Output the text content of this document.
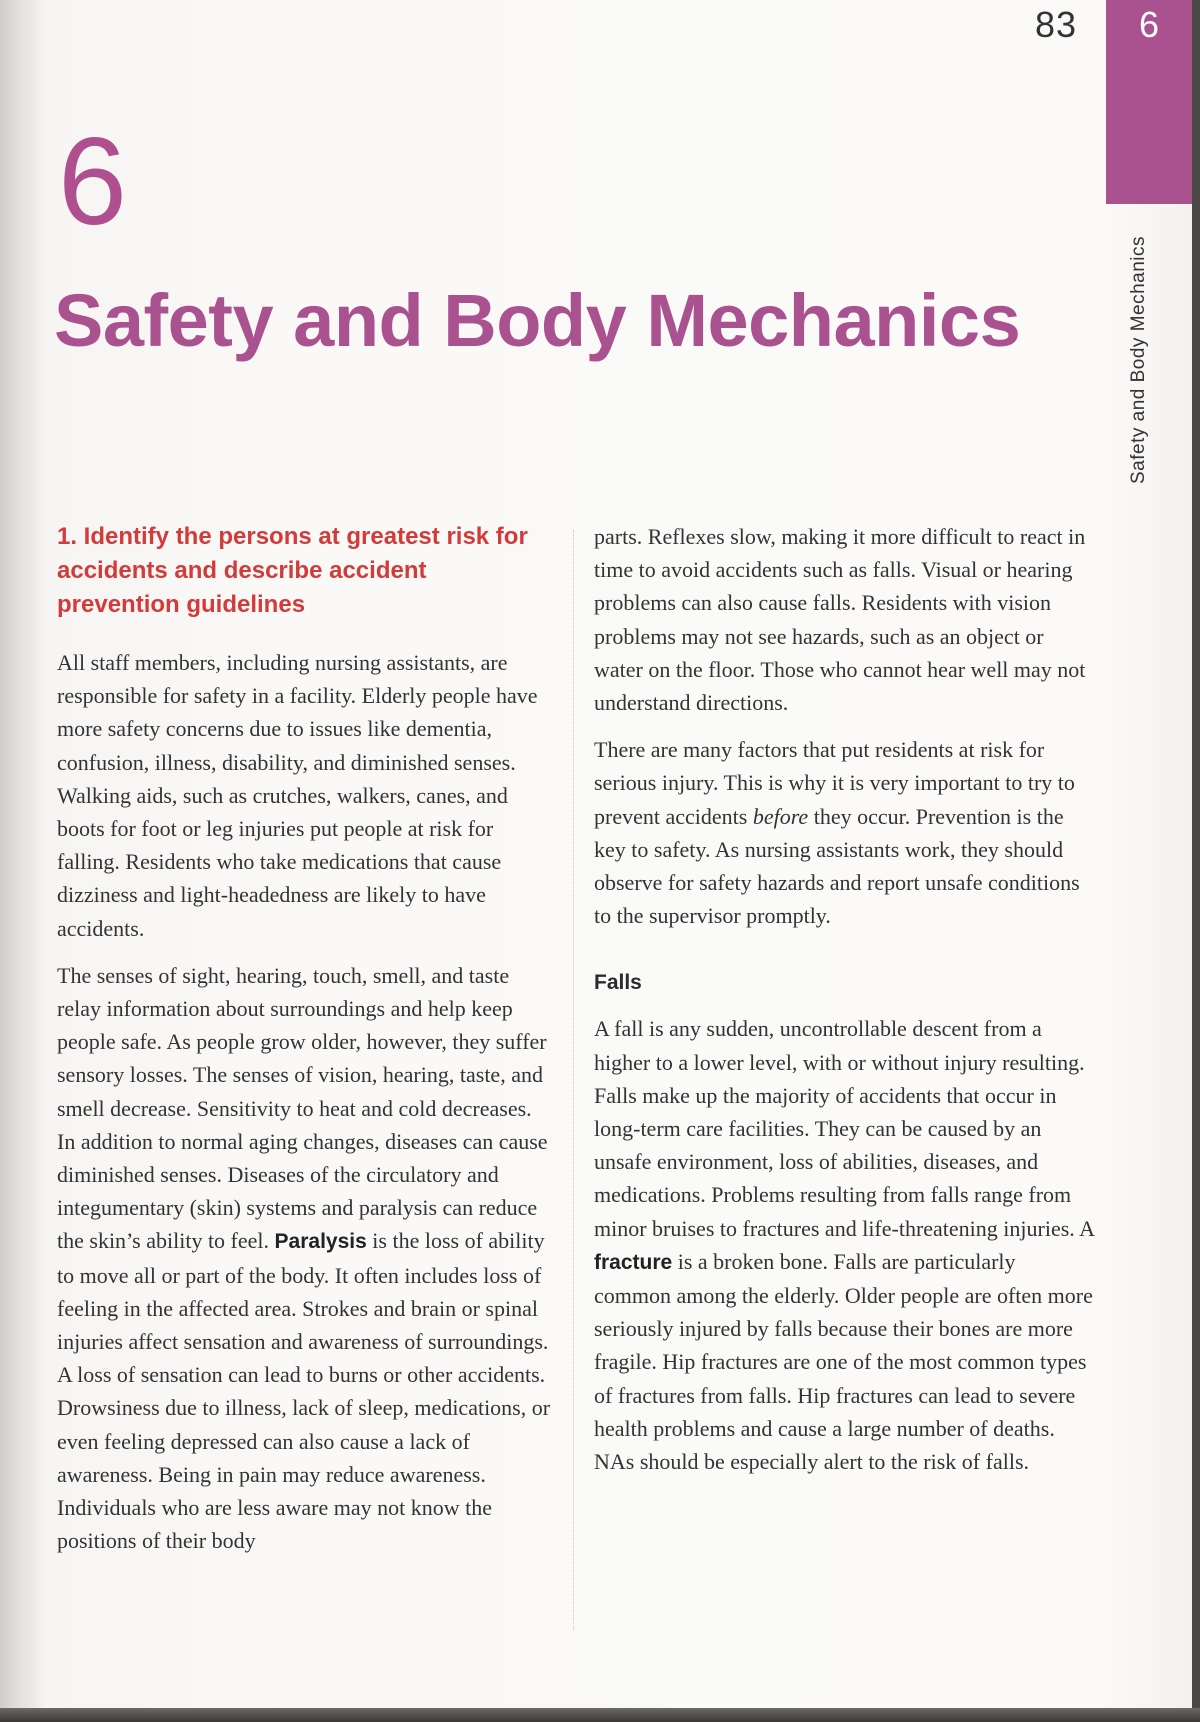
83	6
Safety and Body Mechanics
6
Safety and Body Mechanics
1. Identify the persons at greatest risk for accidents and describe accident prevention guidelines

All staff members, including nursing assistants, are responsible for safety in a facility. Elderly people have more safety concerns due to issues like dementia, confusion, illness, disability, and diminished senses. Walking aids, such as crutches, walkers, canes, and boots for foot or leg injuries put people at risk for falling. Residents who take medications that cause dizziness and light-headedness are likely to have accidents.

The senses of sight, hearing, touch, smell, and taste relay information about surroundings and help keep people safe. As people grow older, however, they suffer sensory losses. The senses of vision, hearing, taste, and smell decrease. Sensitivity to heat and cold decreases. In addition to normal aging changes, diseases can cause diminished senses. Diseases of the circulatory and integumentary (skin) systems and paralysis can reduce the skin’s ability to feel. Paralysis is the loss of ability to move all or part of the body. It often includes loss of feeling in the affected area. Strokes and brain or spinal injuries affect sensation and awareness of surroundings. A loss of sensation can lead to burns or other accidents. Drowsiness due to illness, lack of sleep, medications, or even feeling depressed can also cause a lack of awareness. Being in pain may reduce awareness. Individuals who are less aware may not know the positions of their body

parts. Reflexes slow, making it more difficult to react in time to avoid accidents such as falls. Visual or hearing problems can also cause falls. Residents with vision problems may not see hazards, such as an object or water on the floor. Those who cannot hear well may not understand directions.

There are many factors that put residents at risk for serious injury. This is why it is very important to try to prevent accidents before they occur. Prevention is the key to safety. As nursing assistants work, they should observe for safety hazards and report unsafe conditions to the supervisor promptly.

Falls

A fall is any sudden, uncontrollable descent from a higher to a lower level, with or without injury resulting. Falls make up the majority of accidents that occur in long-term care facilities. They can be caused by an unsafe environment, loss of abilities, diseases, and medications. Problems resulting from falls range from minor bruises to fractures and life-threatening injuries. A fracture is a broken bone. Falls are particularly common among the elderly. Older people are often more seriously injured by falls because their bones are more fragile. Hip fractures are one of the most common types of fractures from falls. Hip fractures can lead to severe health problems and cause a large number of deaths. NAs should be especially alert to the risk of falls.
